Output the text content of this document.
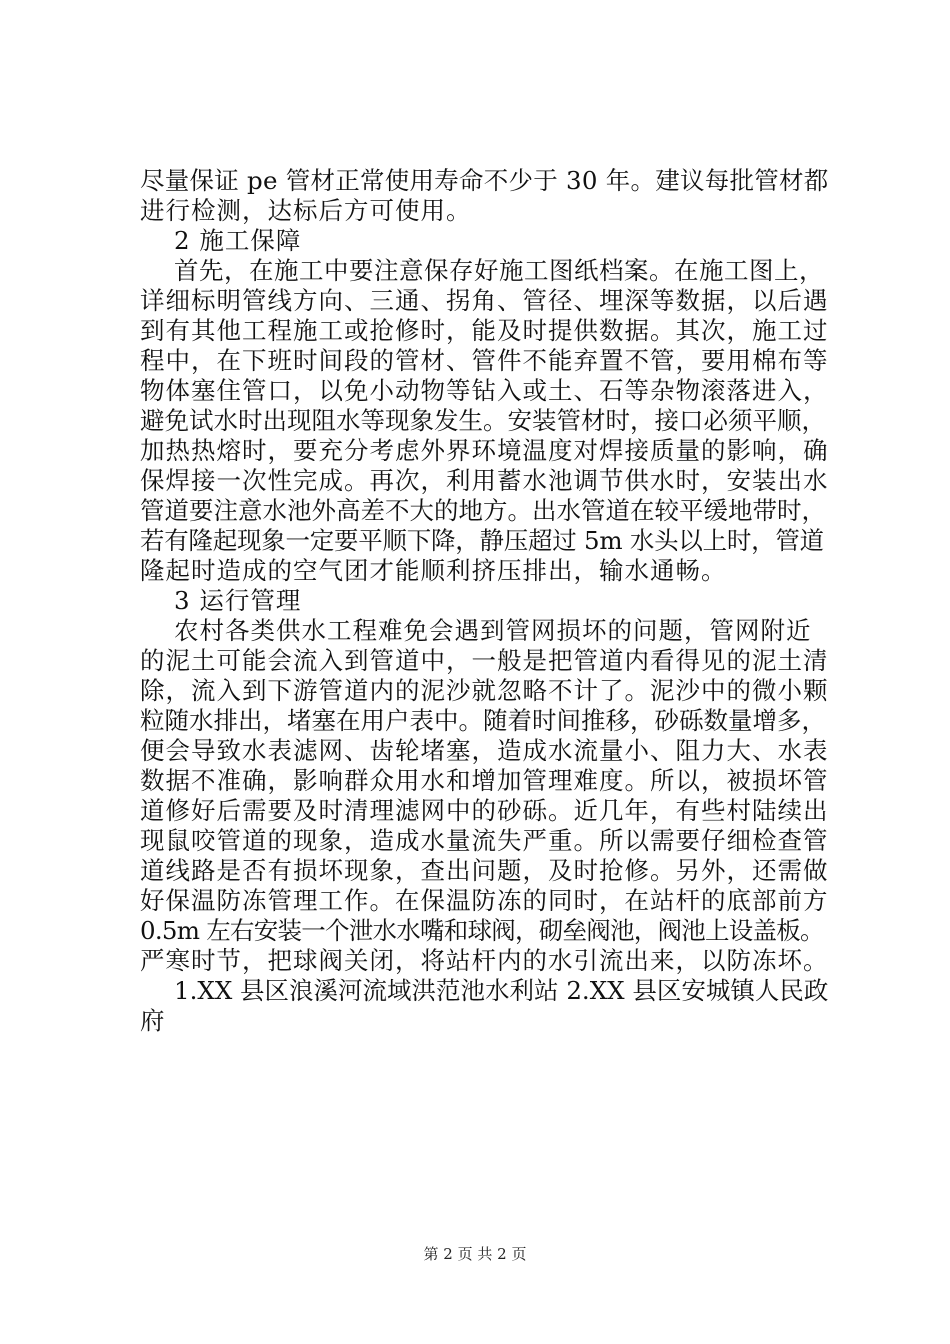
尽量保证 pe 管材正常使用寿命不少于 30 年。建议每批管材都
进行检测，达标后方可使用。
2 施工保障
首先，在施工中要注意保存好施工图纸档案。在施工图上，
详细标明管线方向、三通、拐角、管径、埋深等数据，以后遇
到有其他工程施工或抢修时，能及时提供数据。其次，施工过
程中，在下班时间段的管材、管件不能弃置不管，要用棉布等
物体塞住管口，以免小动物等钻入或土、石等杂物滚落进入，
避免试水时出现阻水等现象发生。安装管材时，接口必须平顺，
加热热熔时，要充分考虑外界环境温度对焊接质量的影响，确
保焊接一次性完成。再次，利用蓄水池调节供水时，安装出水
管道要注意水池外高差不大的地方。出水管道在较平缓地带时，
若有隆起现象一定要平顺下降，静压超过 5m 水头以上时，管道
隆起时造成的空气团才能顺利挤压排出，输水通畅。
3 运行管理
农村各类供水工程难免会遇到管网损坏的问题，管网附近
的泥土可能会流入到管道中，一般是把管道内看得见的泥土清
除，流入到下游管道内的泥沙就忽略不计了。泥沙中的微小颗
粒随水排出，堵塞在用户表中。随着时间推移，砂砾数量增多，
便会导致水表滤网、齿轮堵塞，造成水流量小、阻力大、水表
数据不准确，影响群众用水和增加管理难度。所以，被损坏管
道修好后需要及时清理滤网中的砂砾。近几年，有些村陆续出
现鼠咬管道的现象，造成水量流失严重。所以需要仔细检查管
道线路是否有损坏现象，查出问题，及时抢修。另外，还需做
好保温防冻管理工作。在保温防冻的同时，在站杆的底部前方
0.5m 左右安装一个泄水水嘴和球阀，砌垒阀池，阀池上设盖板。
严寒时节，把球阀关闭，将站杆内的水引流出来，以防冻坏。
1.XX 县区浪溪河流域洪范池水利站 2.XX 县区安城镇人民政
府
第 2 页 共 2 页
